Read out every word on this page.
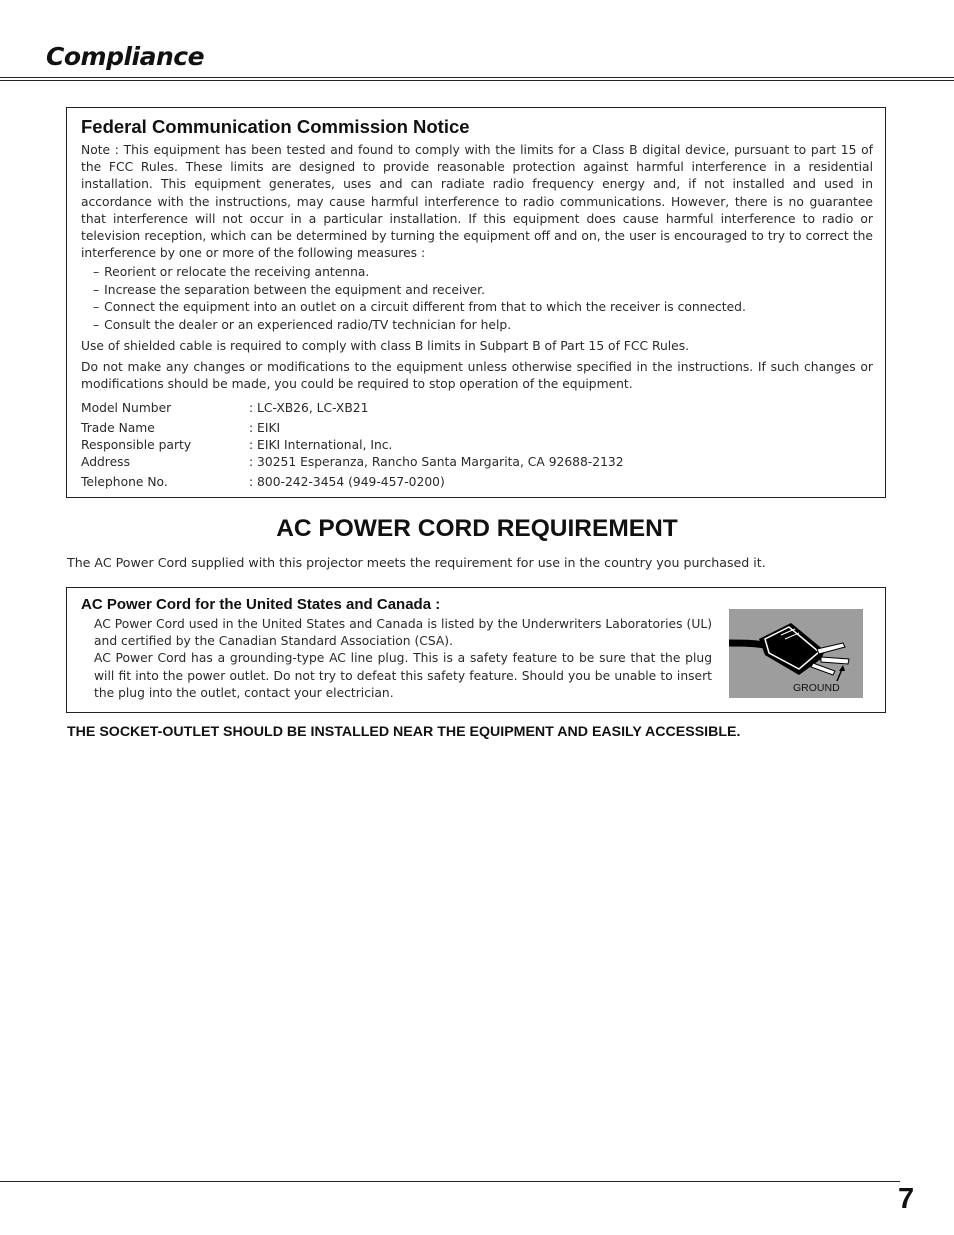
Compliance
Federal Communication Commission Notice

Note : This equipment has been tested and found to comply with the limits for a Class B digital device, pursuant to part 15 of the FCC Rules. These limits are designed to provide reasonable protection against harmful interference in a residential installation. This equipment generates, uses and can radiate radio frequency energy and, if not installed and used in accordance with the instructions, may cause harmful interference to radio communications. However, there is no guarantee that interference will not occur in a particular installation. If this equipment does cause harmful interference to radio or television reception, which can be determined by turning the equipment off and on, the user is encouraged to try to correct the interference by one or more of the following measures :

– Reorient or relocate the receiving antenna.
– Increase the separation between the equipment and receiver.
– Connect the equipment into an outlet on a circuit different from that to which the receiver is connected.
– Consult the dealer or an experienced radio/TV technician for help.

Use of shielded cable is required to comply with class B limits in Subpart B of Part 15 of FCC Rules.

Do not make any changes or modifications to the equipment unless otherwise specified in the instructions. If such changes or modifications should be made, you could be required to stop operation of the equipment.

Model Number	: LC-XB26, LC-XB21
Trade Name	: EIKI
Responsible party	: EIKI International, Inc.
Address	: 30251 Esperanza, Rancho Santa Margarita, CA 92688-2132
Telephone No.	: 800-242-3454 (949-457-0200)
AC POWER CORD REQUIREMENT
The AC Power Cord supplied with this projector meets the requirement for use in the country you purchased it.
AC Power Cord for the United States and Canada :

AC Power Cord used in the United States and Canada is listed by the Underwriters Laboratories (UL) and certified by the Canadian Standard Association (CSA).

AC Power Cord has a grounding-type AC line plug. This is a safety feature to be sure that the plug will fit into the power outlet. Do not try to defeat this safety feature. Should you be unable to insert the plug into the outlet, contact your electrician.	GROUND
THE SOCKET-OUTLET SHOULD BE INSTALLED NEAR THE EQUIPMENT AND EASILY ACCESSIBLE.
7
